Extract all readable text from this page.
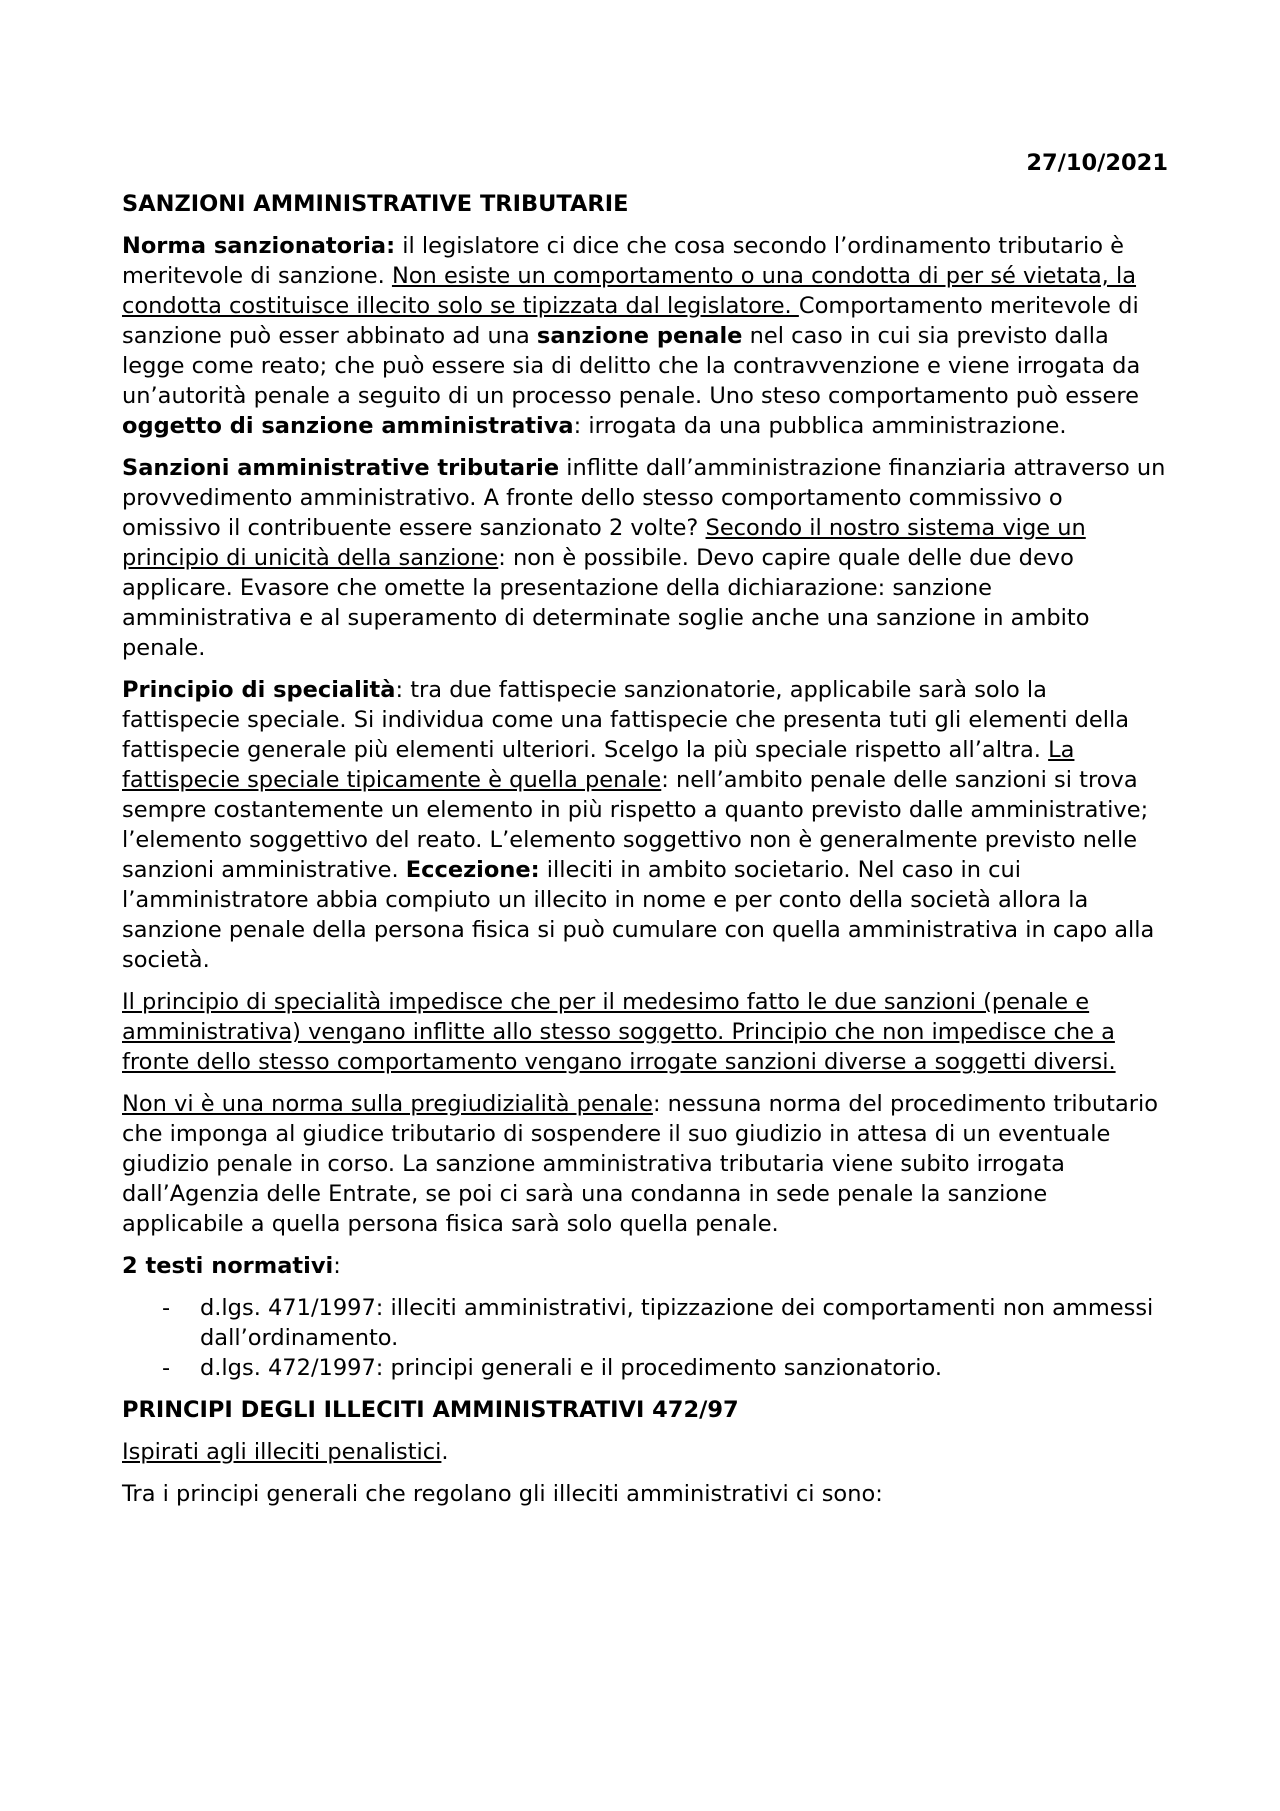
27/10/2021
SANZIONI AMMINISTRATIVE TRIBUTARIE

Norma sanzionatoria: il legislatore ci dice che cosa secondo l’ordinamento tributario è meritevole di sanzione. Non esiste un comportamento o una condotta di per sé vietata, la condotta costituisce illecito solo se tipizzata dal legislatore. Comportamento meritevole di sanzione può esser abbinato ad una sanzione penale nel caso in cui sia previsto dalla legge come reato; che può essere sia di delitto che la contravvenzione e viene irrogata da un’autorità penale a seguito di un processo penale. Uno steso comportamento può essere oggetto di sanzione amministrativa: irrogata da una pubblica amministrazione.

Sanzioni amministrative tributarie inflitte dall’amministrazione finanziaria attraverso un provvedimento amministrativo. A fronte dello stesso comportamento commissivo o omissivo il contribuente essere sanzionato 2 volte? Secondo il nostro sistema vige un principio di unicità della sanzione: non è possibile. Devo capire quale delle due devo applicare. Evasore che omette la presentazione della dichiarazione: sanzione amministrativa e al superamento di determinate soglie anche una sanzione in ambito penale.

Principio di specialità: tra due fattispecie sanzionatorie, applicabile sarà solo la fattispecie speciale. Si individua come una fattispecie che presenta tuti gli elementi della fattispecie generale più elementi ulteriori. Scelgo la più speciale rispetto all’altra. La fattispecie speciale tipicamente è quella penale: nell’ambito penale delle sanzioni si trova sempre costantemente un elemento in più rispetto a quanto previsto dalle amministrative; l’elemento soggettivo del reato. L’elemento soggettivo non è generalmente previsto nelle sanzioni amministrative. Eccezione: illeciti in ambito societario. Nel caso in cui l’amministratore abbia compiuto un illecito in nome e per conto della società allora la sanzione penale della persona fisica si può cumulare con quella amministrativa in capo alla società.

Il principio di specialità impedisce che per il medesimo fatto le due sanzioni (penale e amministrativa) vengano inflitte allo stesso soggetto. Principio che non impedisce che a fronte dello stesso comportamento vengano irrogate sanzioni diverse a soggetti diversi.

Non vi è una norma sulla pregiudizialità penale: nessuna norma del procedimento tributario che imponga al giudice tributario di sospendere il suo giudizio in attesa di un eventuale giudizio penale in corso. La sanzione amministrativa tributaria viene subito irrogata dall’Agenzia delle Entrate, se poi ci sarà una condanna in sede penale la sanzione applicabile a quella persona fisica sarà solo quella penale.

2 testi normativi:

- d.lgs. 471/1997: illeciti amministrativi, tipizzazione dei comportamenti non ammessi dall’ordinamento.
- d.lgs. 472/1997: principi generali e il procedimento sanzionatorio.
PRINCIPI DEGLI ILLECITI AMMINISTRATIVI 472/97

Ispirati agli illeciti penalistici.

Tra i principi generali che regolano gli illeciti amministrativi ci sono:
